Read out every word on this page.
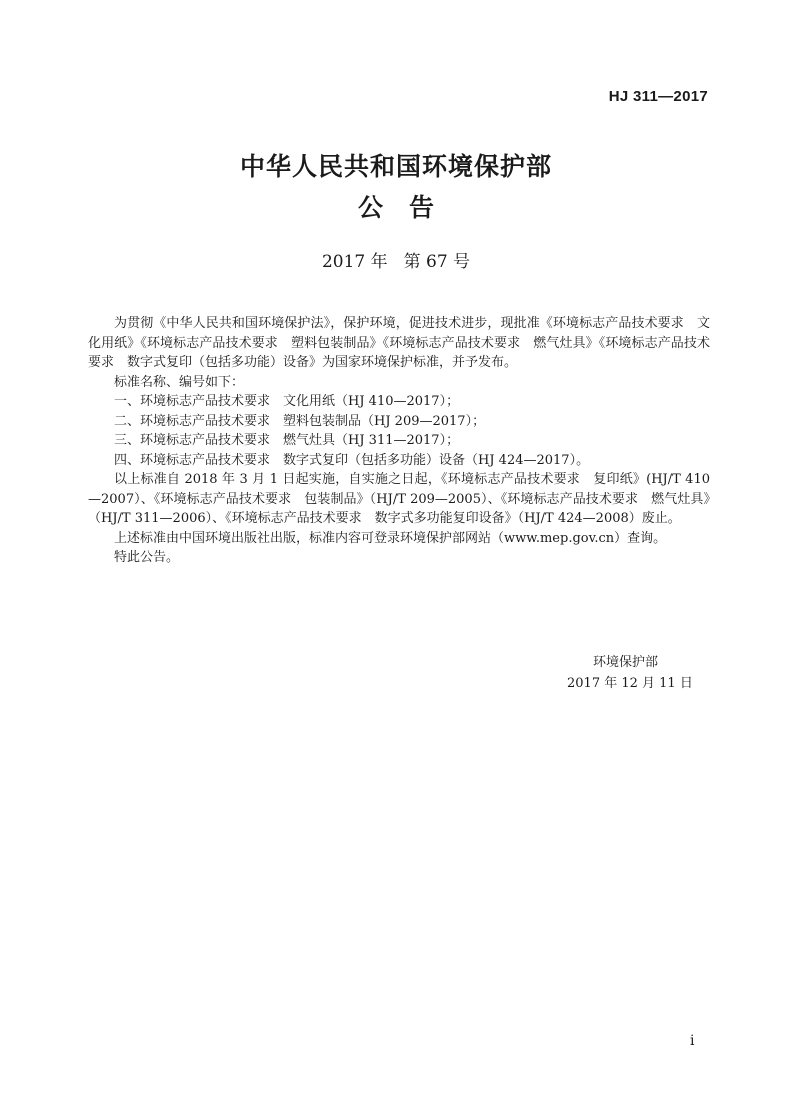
HJ 311—2017
中华人民共和国环境保护部
公 告
2017 年 第 67 号

为贯彻《中华人民共和国环境保护法》，保护环境，促进技术进步，现批准《环境标志产品技术要求　文化用纸》《环境标志产品技术要求　塑料包装制品》《环境标志产品技术要求　燃气灶具》《环境标志产品技术要求　数字式复印（包括多功能）设备》为国家环境保护标准，并予发布。

标准名称、编号如下：

一、环境标志产品技术要求　文化用纸（HJ 410—2017）；

二、环境标志产品技术要求　塑料包装制品（HJ 209—2017）；

三、环境标志产品技术要求　燃气灶具（HJ 311—2017）；

四、环境标志产品技术要求　数字式复印（包括多功能）设备（HJ 424—2017）。

以上标准自 2018 年 3 月 1 日起实施，自实施之日起，《环境标志产品技术要求　复印纸》(HJ/T 410—2007）、《环境标志产品技术要求　包装制品》（HJ/T 209—2005）、《环境标志产品技术要求　燃气灶具》（HJ/T 311—2006）、《环境标志产品技术要求　数字式多功能复印设备》（HJ/T 424—2008）废止。

上述标准由中国环境出版社出版，标准内容可登录环境保护部网站（www.mep.gov.cn）查询。

特此公告。

环境保护部
2017 年 12 月 11 日
i
